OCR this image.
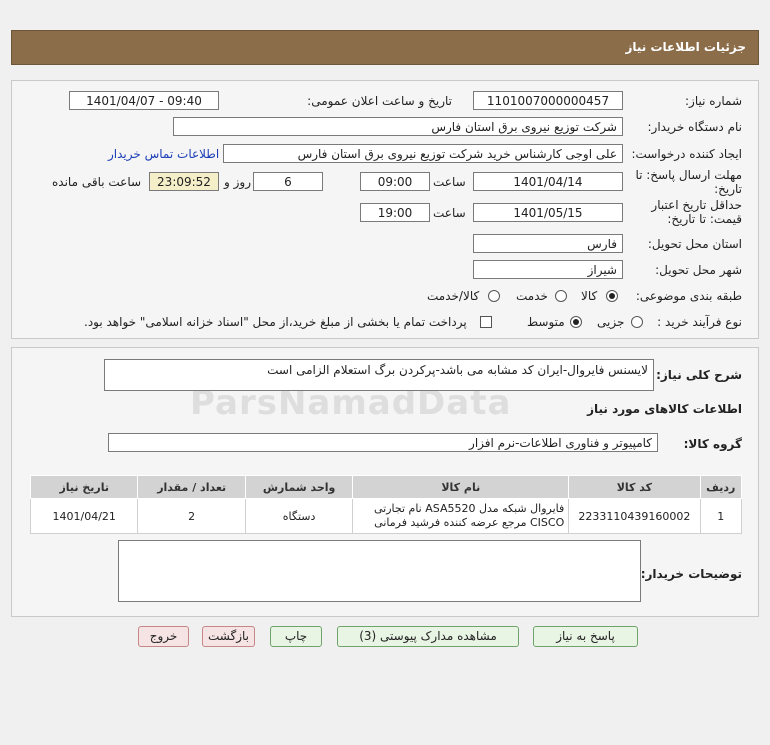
جزئیات اطلاعات نیاز
شماره نیاز:
1101007000000457
تاریخ و ساعت اعلان عمومی:
1401/04/07 - 09:40
نام دستگاه خریدار:
شرکت توزیع نیروی برق استان فارس
ایجاد کننده درخواست:
علی اوجی کارشناس خرید شرکت توزیع نیروی برق استان فارس
اطلاعات تماس خریدار
مهلت ارسال پاسخ: تا
تاریخ:
1401/04/14
ساعت
09:00
6
روز و
23:09:52
ساعت باقی مانده
حداقل تاریخ اعتبار
قیمت: تا تاریخ:
1401/05/15
ساعت
19:00
استان محل تحویل:
فارس
شهر محل تحویل:
شیراز
طبقه بندی موضوعی:
کالا
خدمت
کالا/خدمت
نوع فرآیند خرید :
جزیی
متوسط
پرداخت تمام یا بخشی از مبلغ خرید،از محل "اسناد خزانه اسلامی" خواهد بود.
شرح کلی نیاز:
لایسنس فایروال-ایران کد مشابه می باشد-پرکردن برگ استعلام الزامی است
اطلاعات کالاهای مورد نیاز
گروه کالا:
کامپیوتر و فناوری اطلاعات-نرم افزار
ردیف	کد کالا	نام کالا	واحد شمارش	تعداد / مقدار	تاریخ نیاز
1	2233110439160002	فایروال شبکه مدل ASA5520 نام تجارتی CISCO مرجع عرضه کننده فرشید فرمانی	دستگاه	2	1401/04/21
توضیحات خریدار:
پاسخ به نیاز
مشاهده مدارک پیوستی (3)
چاپ
بازگشت
خروج
